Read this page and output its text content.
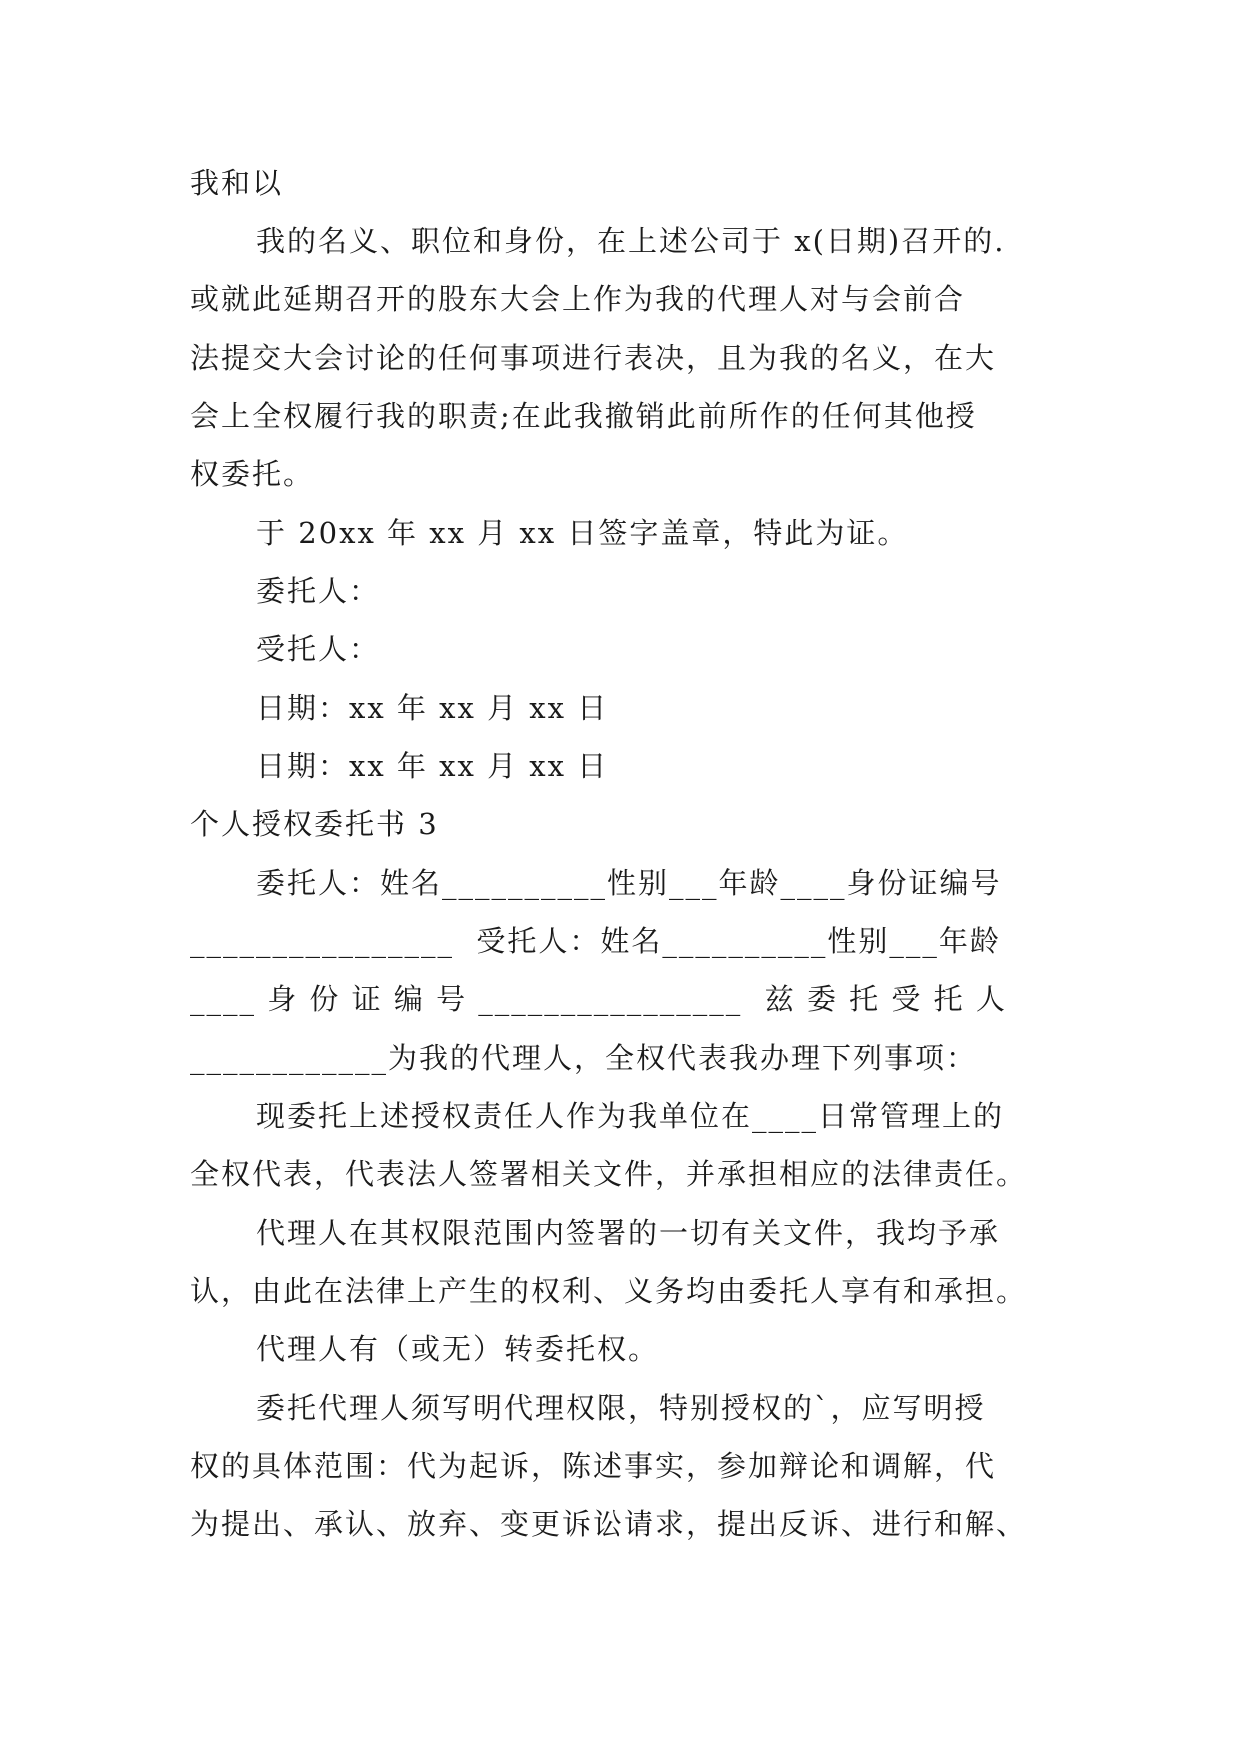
我和以
我的名义、职位和身份，在上述公司于 x(日期)召开的.
或就此延期召开的股东大会上作为我的代理人对与会前合
法提交大会讨论的任何事项进行表决，且为我的名义，在大
会上全权履行我的职责;在此我撤销此前所作的任何其他授
权委托。
于 20xx 年 xx 月 xx 日签字盖章，特此为证。
委托人：
受托人：
日期：xx 年 xx 月 xx 日
日期：xx 年 xx 月 xx 日
个人授权委托书 3
委托人：姓名__________性别___年龄____身份证编号
________________  受托人：姓名__________性别___年龄
____ 身 份 证 编 号 ________________  兹 委 托 受 托 人
____________为我的代理人，全权代表我办理下列事项：
现委托上述授权责任人作为我单位在____日常管理上的
全权代表，代表法人签署相关文件，并承担相应的法律责任。
代理人在其权限范围内签署的一切有关文件，我均予承
认，由此在法律上产生的权利、义务均由委托人享有和承担。
代理人有（或无）转委托权。
委托代理人须写明代理权限，特别授权的`，应写明授
权的具体范围：代为起诉，陈述事实，参加辩论和调解，代
为提出、承认、放弃、变更诉讼请求，提出反诉、进行和解、
